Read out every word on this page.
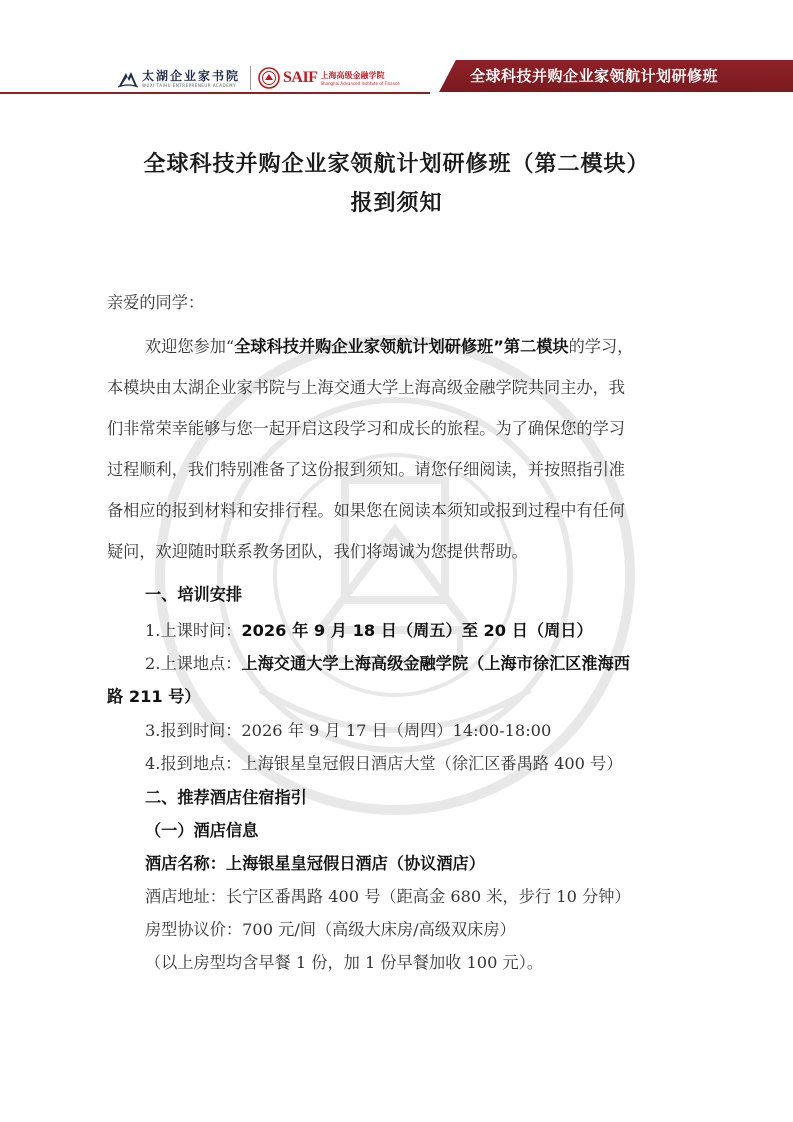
太湖企业家书院
WUXI TAIHU ENTREPRENEUR ACADEMY	SAIF 上海高级金融学院
Shanghai Advanced Institute of Finance	全球科技并购企业家领航计划研修班
全球科技并购企业家领航计划研修班（第二模块）
报到须知
亲爱的同学：
欢迎您参加“全球科技并购企业家领航计划研修班”第二模块的学习，
本模块由太湖企业家书院与上海交通大学上海高级金融学院共同主办，我
们非常荣幸能够与您一起开启这段学习和成长的旅程。为了确保您的学习
过程顺利，我们特别准备了这份报到须知。请您仔细阅读，并按照指引准
备相应的报到材料和安排行程。如果您在阅读本须知或报到过程中有任何
疑问，欢迎随时联系教务团队，我们将竭诚为您提供帮助。
一、培训安排
1.上课时间：2026 年 9 月 18 日（周五）至 20 日（周日）
2.上课地点：上海交通大学上海高级金融学院（上海市徐汇区淮海西
路 211 号）
3.报到时间：2026 年 9 月 17 日（周四）14:00-18:00
4.报到地点：上海银星皇冠假日酒店大堂（徐汇区番禺路 400 号）
二、推荐酒店住宿指引
（一）酒店信息
酒店名称：上海银星皇冠假日酒店（协议酒店）
酒店地址：长宁区番禺路 400 号（距高金 680 米，步行 10 分钟）
房型协议价：700 元/间（高级大床房/高级双床房）
（以上房型均含早餐 1 份，加 1 份早餐加收 100 元）。
